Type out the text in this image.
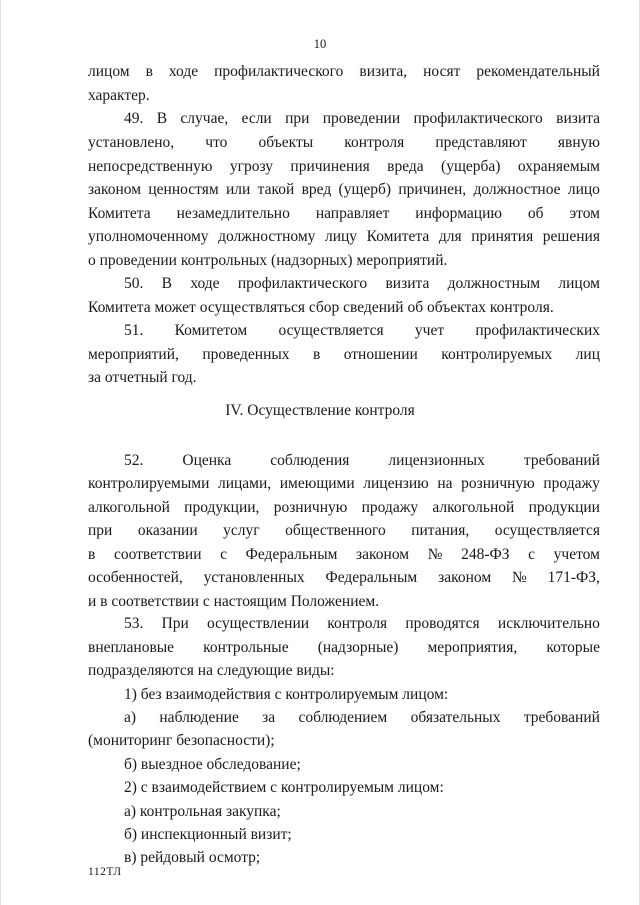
10
лицом в ходе профилактического визита, носят рекомендательный
характер.
49. В случае, если при проведении профилактического визита
установлено, что объекты контроля представляют явную
непосредственную угрозу причинения вреда (ущерба) охраняемым
законом ценностям или такой вред (ущерб) причинен, должностное лицо
Комитета незамедлительно направляет информацию об этом
уполномоченному должностному лицу Комитета для принятия решения
о проведении контрольных (надзорных) мероприятий.
50. В ходе профилактического визита должностным лицом
Комитета может осуществляться сбор сведений об объектах контроля.
51. Комитетом осуществляется учет профилактических
мероприятий, проведенных в отношении контролируемых лиц
за отчетный год.
IV. Осуществление контроля
52.	Оценка	соблюдения	лицензионных	требований
контролируемыми лицами, имеющими лицензию на розничную продажу
алкогольной продукции, розничную продажу алкогольной продукции
при оказании услуг общественного питания, осуществляется
в соответствии с Федеральным законом № 248-ФЗ с учетом
особенностей, установленных Федеральным законом № 171-ФЗ,
и в соответствии с настоящим Положением.
53. При осуществлении контроля проводятся исключительно
внеплановые контрольные (надзорные) мероприятия, которые
подразделяются на следующие виды:
1) без взаимодействия с контролируемым лицом:
а) наблюдение за соблюдением обязательных требований
(мониторинг безопасности);
б) выездное обследование;
2) с взаимодействием с контролируемым лицом:
а) контрольная закупка;
б) инспекционный визит;
в) рейдовый осмотр;
112ТЛ
